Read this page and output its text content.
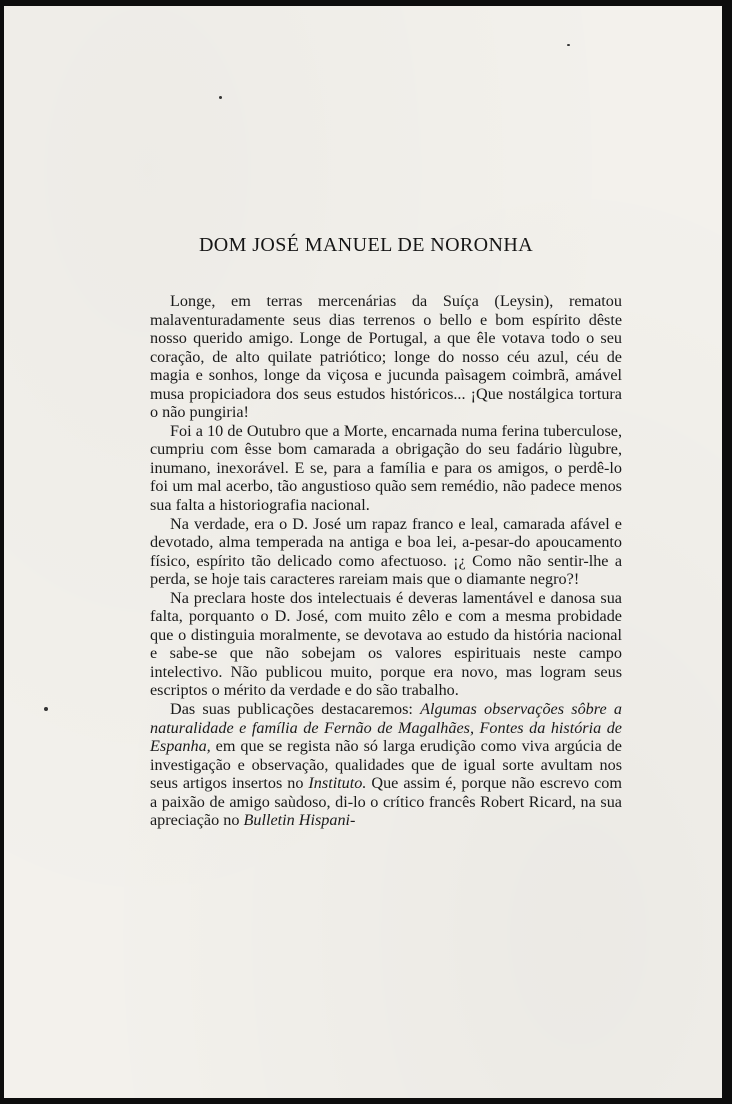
DOM JOSÉ MANUEL DE NORONHA

Longe, em terras mercenárias da Suíça (Leysin), rematou malaventuradamente seus dias terrenos o bello e bom espírito dêste nosso querido amigo. Longe de Portugal, a que êle votava todo o seu coração, de alto quilate patriótico; longe do nosso céu azul, céu de magia e sonhos, longe da viçosa e jucunda paìsagem coimbrã, amável musa propiciadora dos seus estudos históricos... ¡Que nostálgica tortura o não pungiria!

Foi a 10 de Outubro que a Morte, encarnada numa ferina tuberculose, cumpriu com êsse bom camarada a obrigação do seu fadário lùgubre, inumano, inexorável. E se, para a família e para os amigos, o perdê-lo foi um mal acerbo, tão angustioso quão sem remédio, não padece menos sua falta a historiografia nacional.

Na verdade, era o D. José um rapaz franco e leal, camarada afável e devotado, alma temperada na antiga e boa lei, a-pesar-do apoucamento físico, espírito tão delicado como afectuoso. ¡¿ Como não sentir-lhe a perda, se hoje tais caracteres rareiam mais que o diamante negro?!

Na preclara hoste dos intelectuais é deveras lamentável e danosa sua falta, porquanto o D. José, com muito zêlo e com a mesma probidade que o distinguia moralmente, se devotava ao estudo da história nacional e sabe-se que não sobejam os valores espirituais neste campo intelectivo. Não publicou muito, porque era novo, mas logram seus escriptos o mérito da verdade e do são trabalho.

Das suas publicações destacaremos: Algumas observações sôbre a naturalidade e família de Fernão de Magalhães, Fontes da história de Espanha, em que se regista não só larga erudição como viva argúcia de investigação e observação, qualidades que de igual sorte avultam nos seus artigos insertos no Instituto. Que assim é, porque não escrevo com a paixão de amigo saùdoso, di-lo o crítico francês Robert Ricard, na sua apreciação no Bulletin Hispani-
